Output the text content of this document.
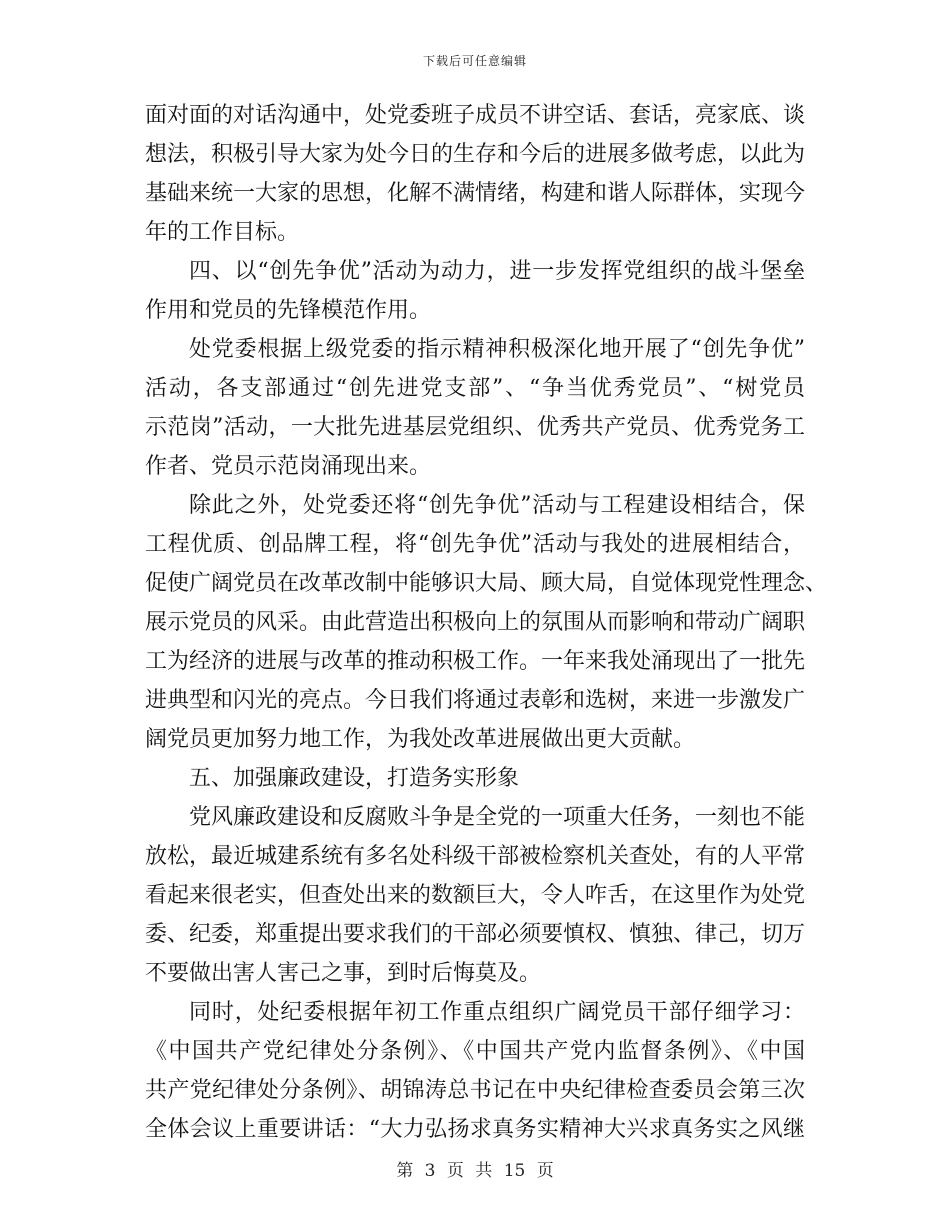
下载后可任意编辑
面对面的对话沟通中，处党委班子成员不讲空话、套话，亮家底、谈
想法，积极引导大家为处今日的生存和今后的进展多做考虑，以此为
基础来统一大家的思想，化解不满情绪，构建和谐人际群体，实现今
年的工作目标。
四、以“创先争优”活动为动力，进一步发挥党组织的战斗堡垒
作用和党员的先锋模范作用。
处党委根据上级党委的指示精神积极深化地开展了“创先争优”
活动，各支部通过“创先进党支部”、“争当优秀党员”、“树党员
示范岗”活动，一大批先进基层党组织、优秀共产党员、优秀党务工
作者、党员示范岗涌现出来。
除此之外，处党委还将“创先争优”活动与工程建设相结合，保
工程优质、创品牌工程，将“创先争优”活动与我处的进展相结合，
促使广阔党员在改革改制中能够识大局、顾大局，自觉体现党性理念、
展示党员的风采。由此营造出积极向上的氛围从而影响和带动广阔职
工为经济的进展与改革的推动积极工作。一年来我处涌现出了一批先
进典型和闪光的亮点。今日我们将通过表彰和选树，来进一步激发广
阔党员更加努力地工作，为我处改革进展做出更大贡献。
五、加强廉政建设，打造务实形象
党风廉政建设和反腐败斗争是全党的一项重大任务，一刻也不能
放松，最近城建系统有多名处科级干部被检察机关查处，有的人平常
看起来很老实，但查处出来的数额巨大，令人咋舌，在这里作为处党
委、纪委，郑重提出要求我们的干部必须要慎权、慎独、律己，切万
不要做出害人害己之事，到时后悔莫及。
同时，处纪委根据年初工作重点组织广阔党员干部仔细学习：
《中国共产党纪律处分条例》、《中国共产党内监督条例》、《中国
共产党纪律处分条例》、胡锦涛总书记在中央纪律检查委员会第三次
全体会议上重要讲话：“大力弘扬求真务实精神大兴求真务实之风继
第 3 页 共 15 页
